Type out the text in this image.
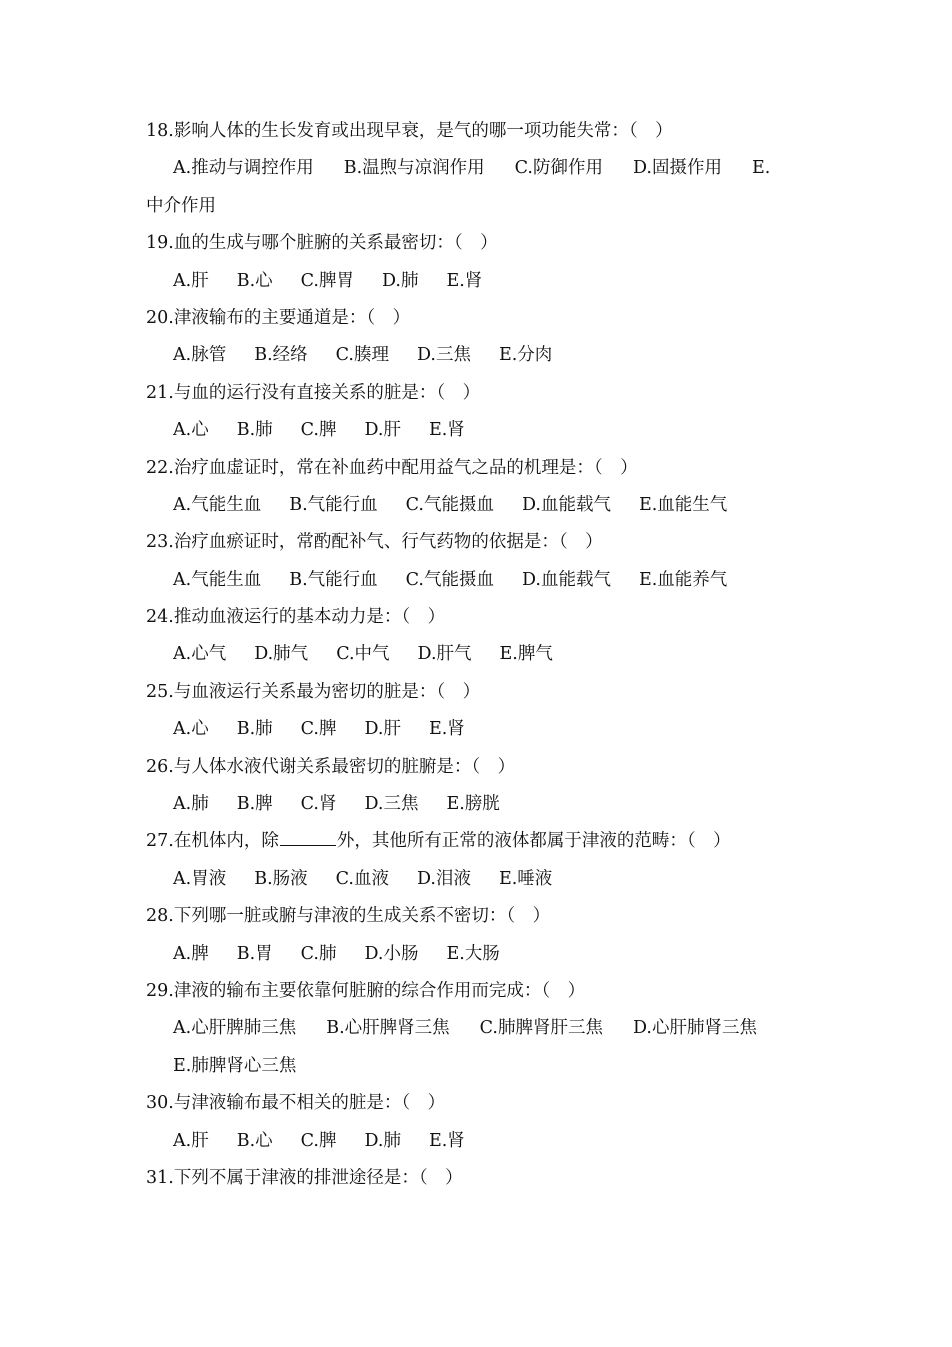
18.影响人体的生长发育或出现早衰，是气的哪一项功能失常：（　）
A.推动与调控作用 B.温煦与凉润作用 C.防御作用 D.固摄作用 E.
中介作用
19.血的生成与哪个脏腑的关系最密切：（　）
A.肝 B.心 C.脾胃 D.肺 E.肾
20.津液输布的主要通道是：（　）
A.脉管 B.经络 C.腠理 D.三焦 E.分肉
21.与血的运行没有直接关系的脏是：（　）
A.心 B.肺 C.脾 D.肝 E.肾
22.治疗血虚证时，常在补血药中配用益气之品的机理是：（　）
A.气能生血 B.气能行血 C.气能摄血 D.血能载气 E.血能生气
23.治疗血瘀证时，常酌配补气、行气药物的依据是：（　）
A.气能生血 B.气能行血 C.气能摄血 D.血能载气 E.血能养气
24.推动血液运行的基本动力是：（　）
A.心气 D.肺气 C.中气 D.肝气 E.脾气
25.与血液运行关系最为密切的脏是：（　）
A.心 B.肺 C.脾 D.肝 E.肾
26.与人体水液代谢关系最密切的脏腑是：（　）
A.肺 B.脾 C.肾 D.三焦 E.膀胱
27.在机体内，除	外，其他所有正常的液体都属于津液的范畴：（　）
A.胃液 B.肠液 C.血液 D.泪液 E.唾液
28.下列哪一脏或腑与津液的生成关系不密切：（　）
A.脾 B.胃 C.肺 D.小肠 E.大肠
29.津液的输布主要依靠何脏腑的综合作用而完成：（　）
A.心肝脾肺三焦 B.心肝脾肾三焦 C.肺脾肾肝三焦 D.心肝肺肾三焦
E.肺脾肾心三焦
30.与津液输布最不相关的脏是：（　）
A.肝 B.心 C.脾 D.肺 E.肾
31.下列不属于津液的排泄途径是：（　）
